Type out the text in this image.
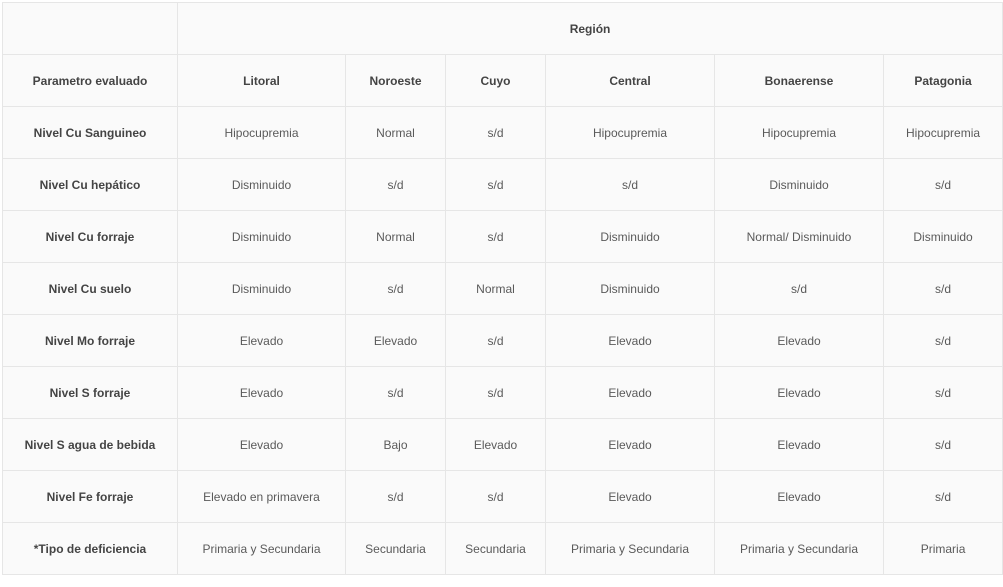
	Región					
Parametro evaluado	Litoral	Noroeste	Cuyo	Central	Bonaerense	Patagonia
Nivel Cu Sanguineo	Hipocupremia	Normal	s/d	Hipocupremia	Hipocupremia	Hipocupremia
Nivel Cu hepático	Disminuido	s/d	s/d	s/d	Disminuido	s/d
Nivel Cu forraje	Disminuido	Normal	s/d	Disminuido	Normal/ Disminuido	Disminuido
Nivel Cu suelo	Disminuido	s/d	Normal	Disminuido	s/d	s/d
Nivel Mo forraje	Elevado	Elevado	s/d	Elevado	Elevado	s/d
Nivel S forraje	Elevado	s/d	s/d	Elevado	Elevado	s/d
Nivel S agua de bebida	Elevado	Bajo	Elevado	Elevado	Elevado	s/d
Nivel Fe forraje	Elevado en primavera	s/d	s/d	Elevado	Elevado	s/d
*Tipo de deficiencia	Primaria y Secundaria	Secundaria	Secundaria	Primaria y Secundaria	Primaria y Secundaria	Primaria
